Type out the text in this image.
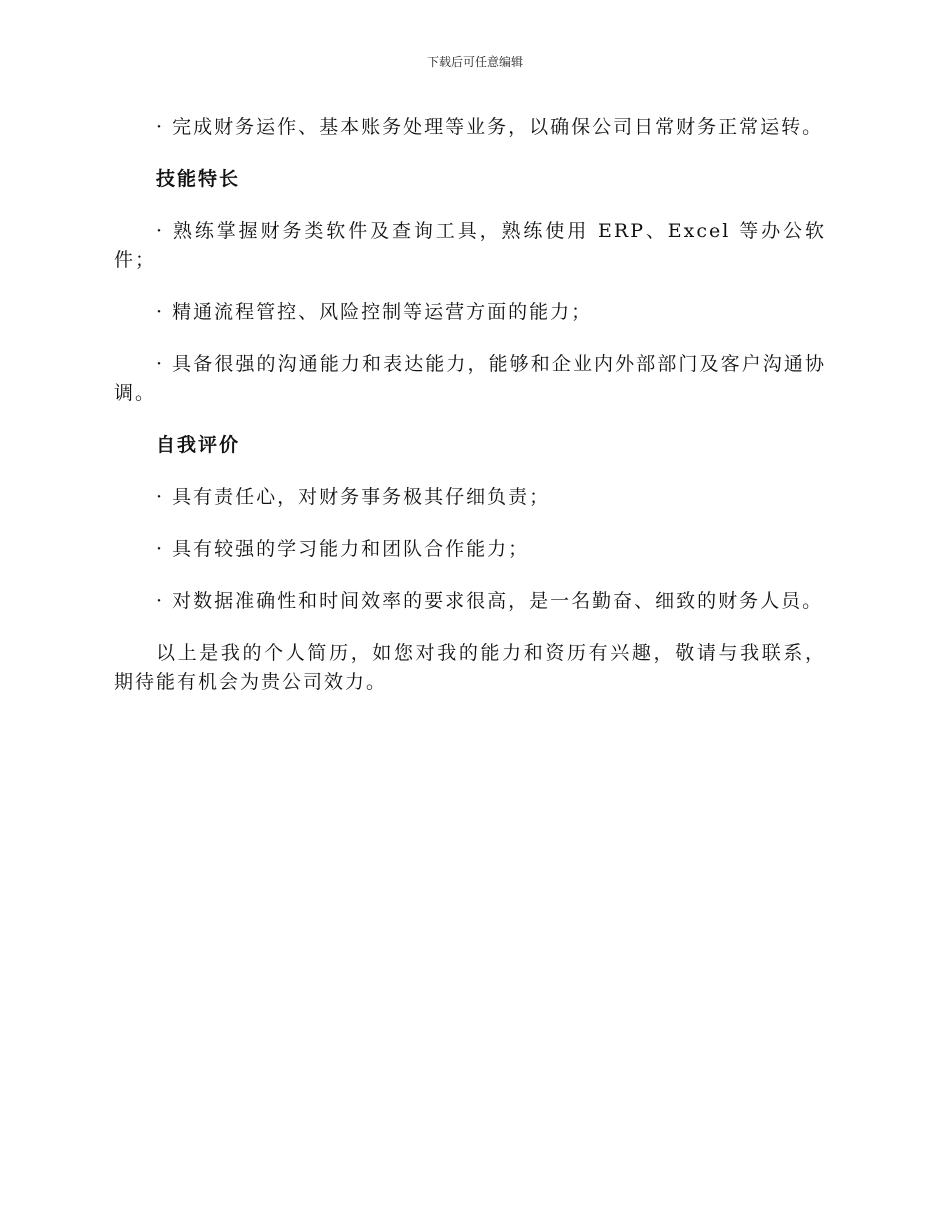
下载后可任意编辑

· 完成财务运作、基本账务处理等业务，以确保公司日常财务正常运转。

技能特长

· 熟练掌握财务类软件及查询工具，熟练使用 ERP、Excel 等办公软件；

· 精通流程管控、风险控制等运营方面的能力；

· 具备很强的沟通能力和表达能力，能够和企业内外部部门及客户沟通协调。

自我评价

· 具有责任心，对财务事务极其仔细负责；

· 具有较强的学习能力和团队合作能力；

· 对数据准确性和时间效率的要求很高，是一名勤奋、细致的财务人员。

以上是我的个人简历，如您对我的能力和资历有兴趣，敬请与我联系，期待能有机会为贵公司效力。
